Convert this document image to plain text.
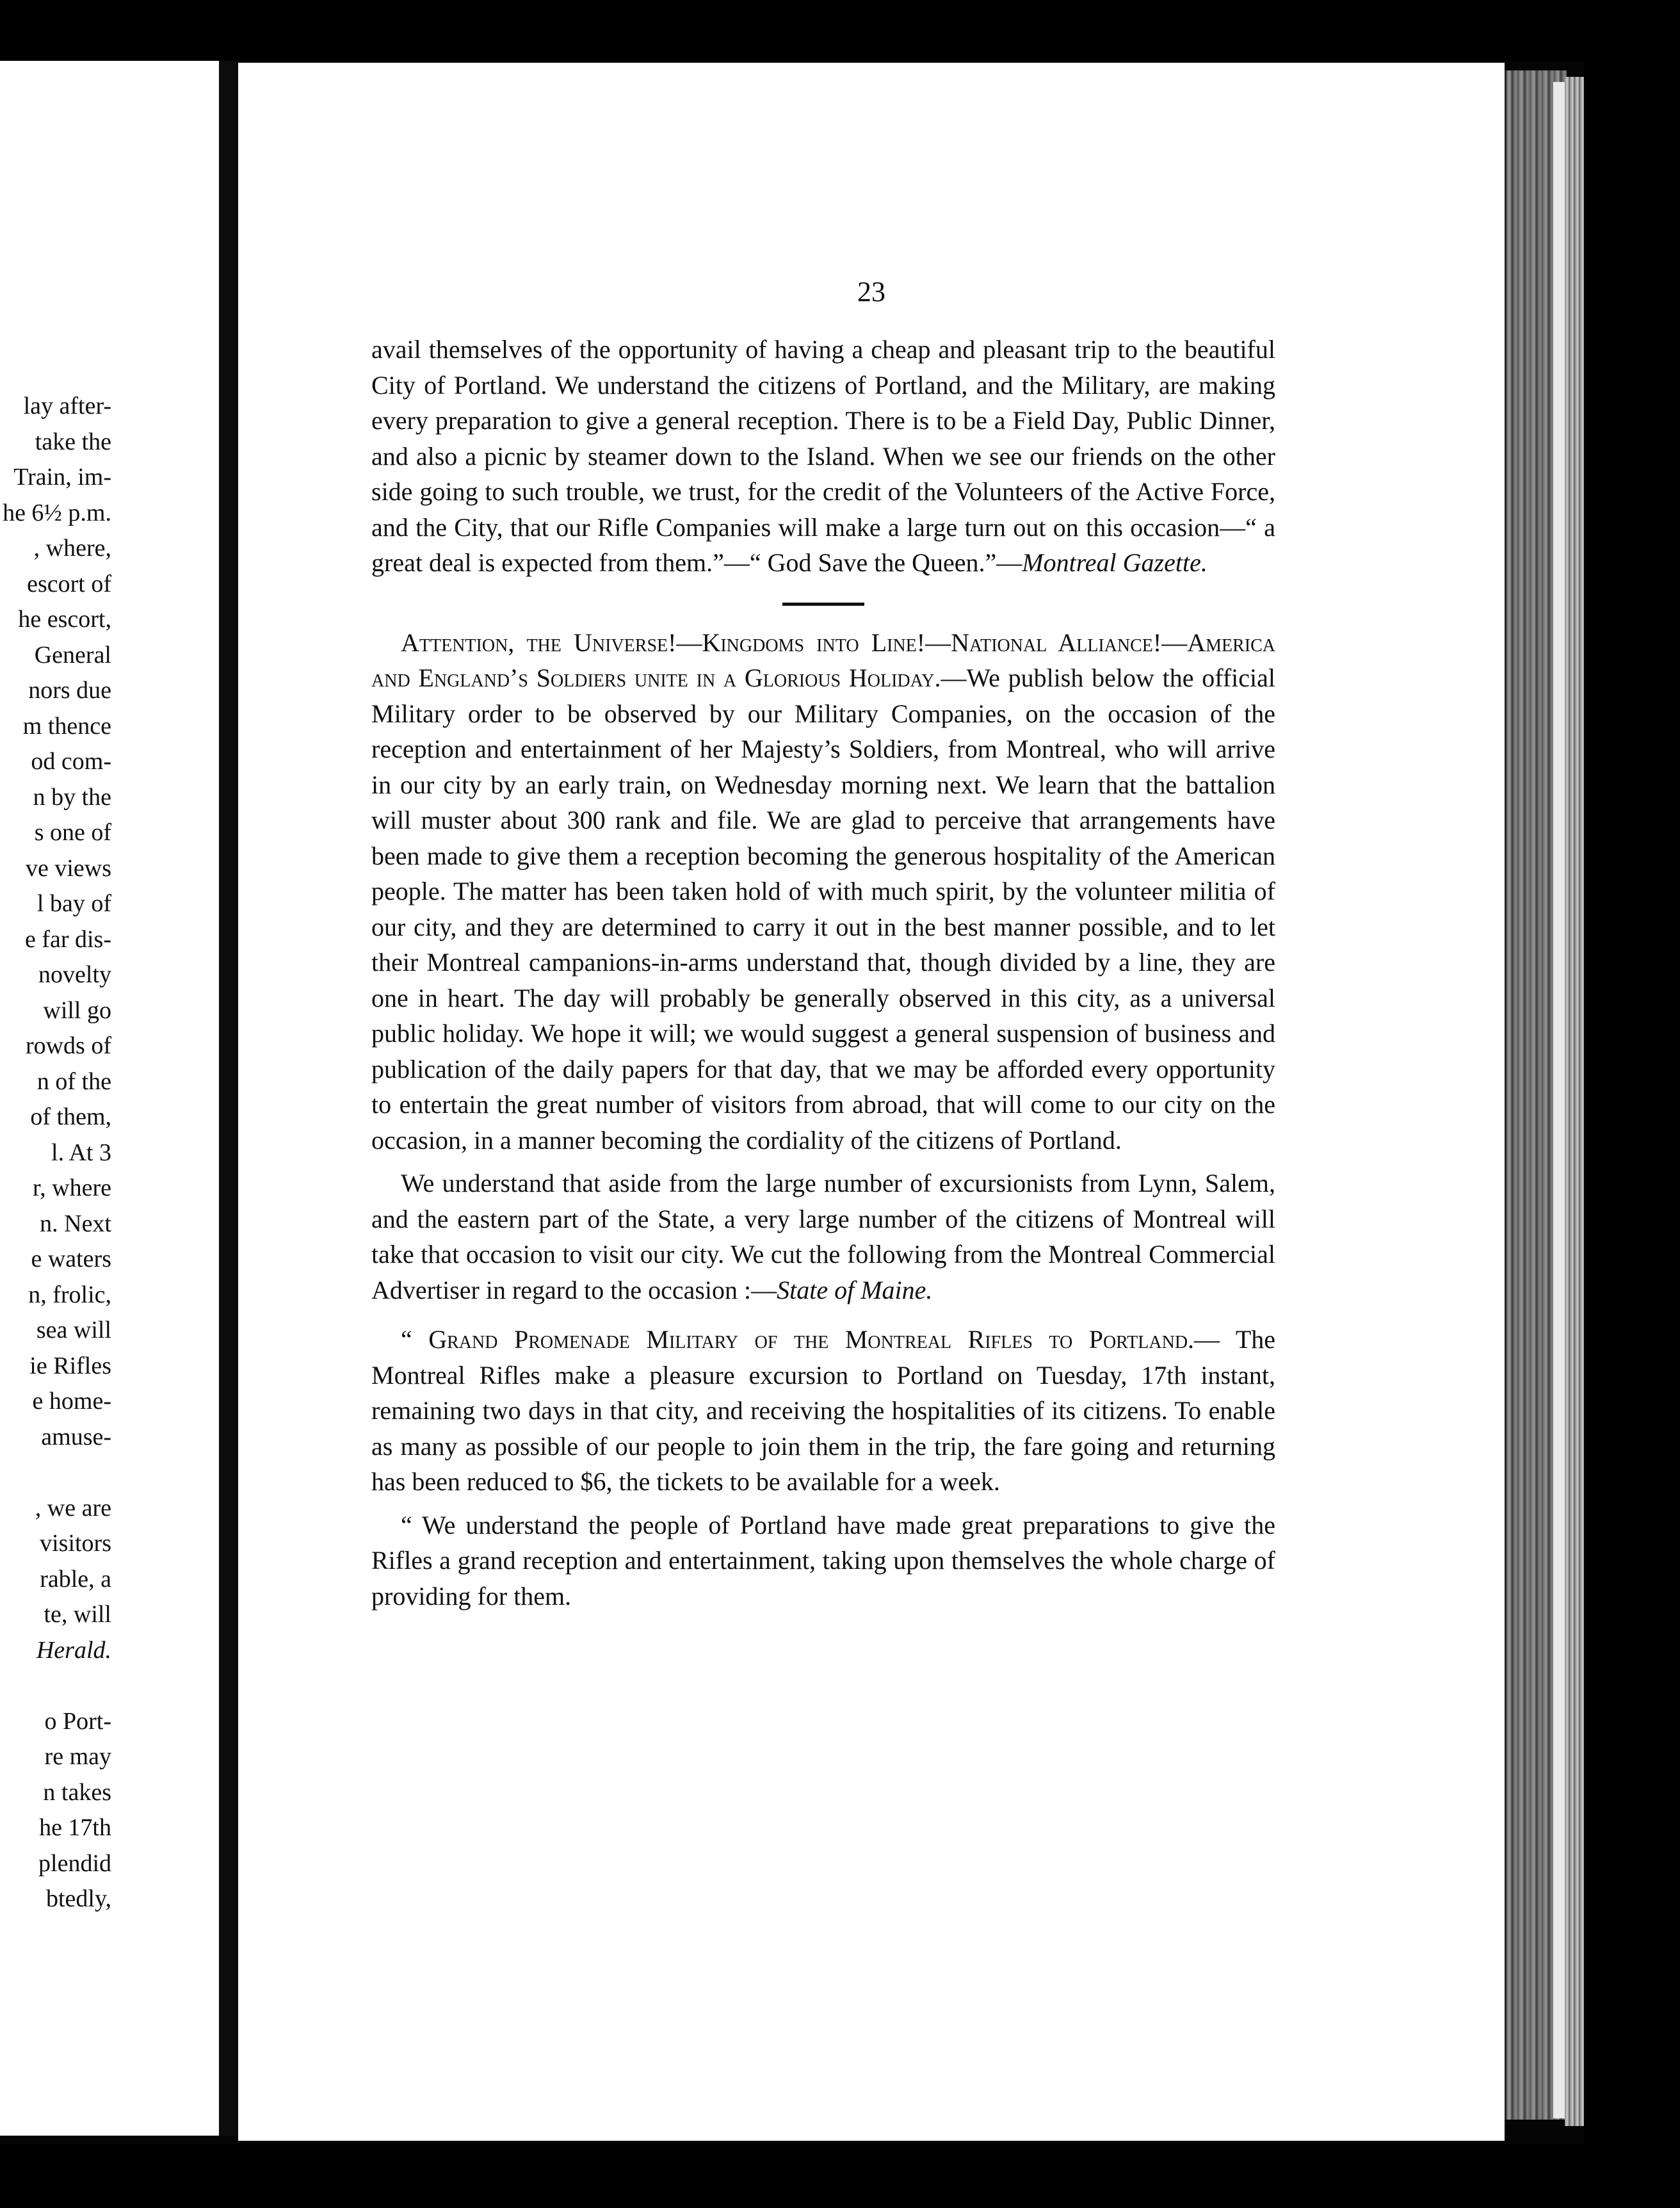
lay after-
take the
Train, im-
he 6½ p.m.
, where,
escort of
he escort,
General
nors due
m thence
od com-
n by the
s one of
ve views
l bay of
e far dis-
novelty
will go
rowds of
n of the
of them,
l. At 3
r, where
n. Next
e waters
n, frolic,
sea will
ie Rifles
e home-
amuse-
, we are
visitors
rable, a
te, will
Herald.
o Port-
re may
n takes
he 17th
plendid
btedly,
23

avail themselves of the opportunity of having a cheap and pleasant trip to the beautiful City of Portland. We understand the citizens of Portland, and the Military, are making every preparation to give a general reception. There is to be a Field Day, Public Dinner, and also a picnic by steamer down to the Island. When we see our friends on the other side going to such trouble, we trust, for the credit of the Volunteers of the Active Force, and the City, that our Rifle Companies will make a large turn out on this occasion—“ a great deal is expected from them.”—“ God Save the Queen.”—Montreal Gazette.

Attention, the Universe!—Kingdoms into Line!—National Alliance!—America and England’s Soldiers unite in a Glorious Holiday.—We publish below the official Military order to be observed by our Military Companies, on the occasion of the reception and entertainment of her Majesty’s Soldiers, from Montreal, who will arrive in our city by an early train, on Wednesday morning next. We learn that the battalion will muster about 300 rank and file. We are glad to perceive that arrangements have been made to give them a reception becoming the generous hospitality of the American people. The matter has been taken hold of with much spirit, by the volunteer militia of our city, and they are determined to carry it out in the best manner possible, and to let their Montreal campanions-in-arms understand that, though divided by a line, they are one in heart. The day will probably be generally observed in this city, as a universal public holiday. We hope it will; we would suggest a general suspension of business and publication of the daily papers for that day, that we may be afforded every opportunity to entertain the great number of visitors from abroad, that will come to our city on the occasion, in a manner becoming the cordiality of the citizens of Portland.

We understand that aside from the large number of excursionists from Lynn, Salem, and the eastern part of the State, a very large number of the citizens of Montreal will take that occasion to visit our city. We cut the following from the Montreal Commercial Advertiser in regard to the occasion :—State of Maine.

“ Grand Promenade Military of the Montreal Rifles to Portland.— The Montreal Rifles make a pleasure excursion to Portland on Tuesday, 17th instant, remaining two days in that city, and receiving the hospitalities of its citizens. To enable as many as possible of our people to join them in the trip, the fare going and returning has been reduced to $6, the tickets to be available for a week.

“ We understand the people of Portland have made great preparations to give the Rifles a grand reception and entertainment, taking upon themselves the whole charge of providing for them.
